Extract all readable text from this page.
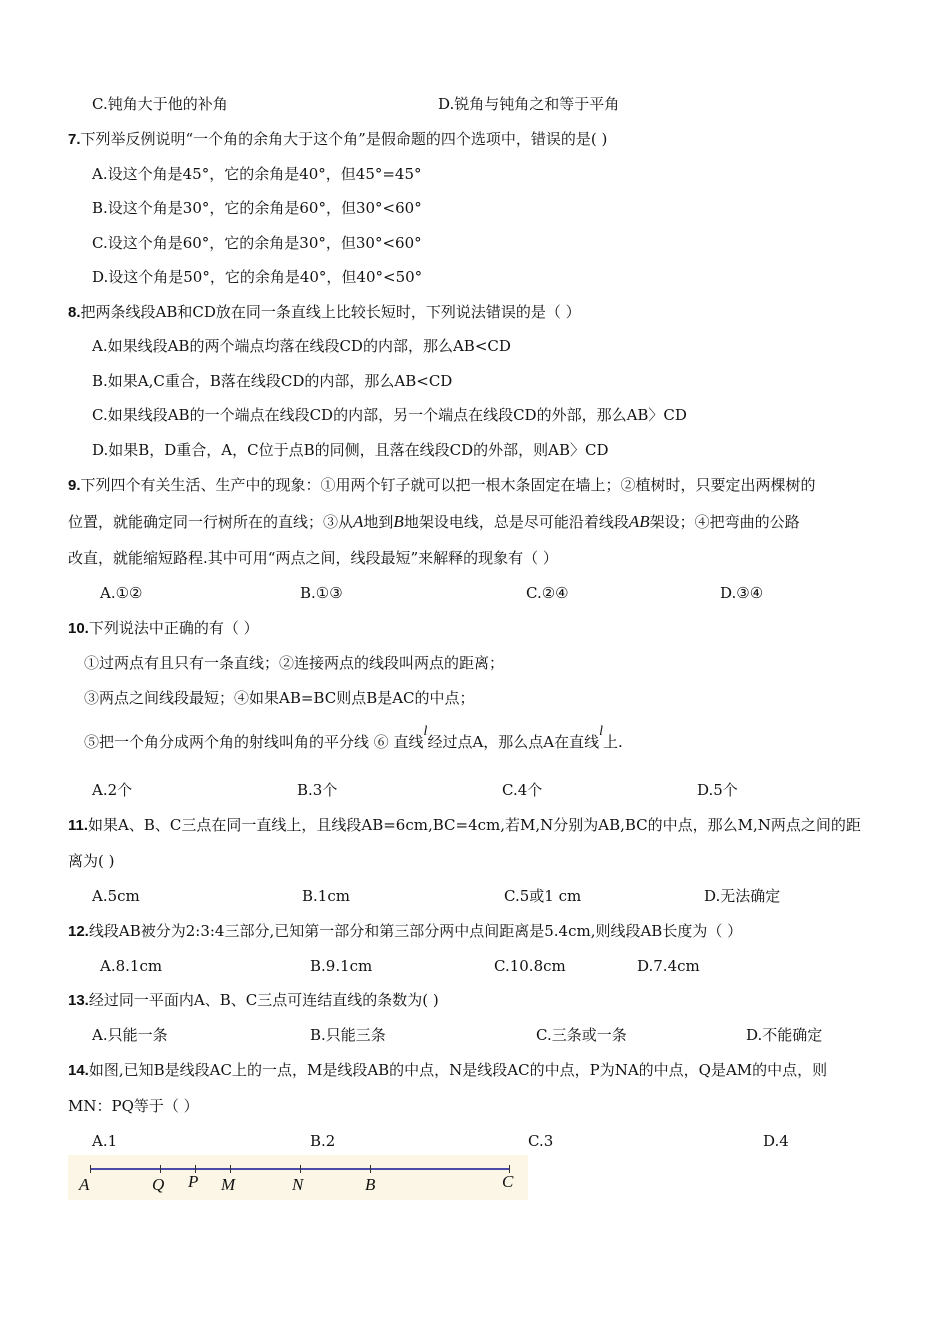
C.钝角大于他的补角	D.锐角与钝角之和等于平角
7.下列举反例说明“一个角的余角大于这个角”是假命题的四个选项中，错误的是( )
A.设这个角是45°，它的余角是40°，但45°=45°
B.设这个角是30°，它的余角是60°，但30°<60°
C.设这个角是60°，它的余角是30°，但30°<60°
D.设这个角是50°，它的余角是40°，但40°<50°
8.把两条线段AB和CD放在同一条直线上比较长短时，下列说法错误的是（ ）
A.如果线段AB的两个端点均落在线段CD的内部，那么AB<CD
B.如果A,C重合，B落在线段CD的内部，那么AB<CD
C.如果线段AB的一个端点在线段CD的内部，另一个端点在线段CD的外部，那么AB〉CD
D.如果B，D重合，A，C位于点B的同侧，且落在线段CD的外部，则AB〉CD
9.下列四个有关生活、生产中的现象：①用两个钉子就可以把一根木条固定在墙上；②植树时，只要定出两棵树的
位置，就能确定同一行树所在的直线；③从A地到B地架设电线，总是尽可能沿着线段AB架设；④把弯曲的公路
改直，就能缩短路程.其中可用“两点之间，线段最短”来解释的现象有（ ）
A.①②	B.①③	C.②④	D.③④
10.下列说法中正确的有（ ）
①过两点有且只有一条直线；②连接两点的线段叫两点的距离；
③两点之间线段最短；④如果AB=BC则点B是AC的中点；
⑤把一个角分成两个角的射线叫角的平分线 ⑥ 直线l经过点A，那么点A在直线l上.
A.2个	B.3个	C.4个	D.5个
11.如果A、B、C三点在同一直线上，且线段AB=6cm,BC=4cm,若M,N分别为AB,BC的中点，那么M,N两点之间的距
离为( )
A.5cm	B.1cm	C.5或1 cm	D.无法确定
12.线段AB被分为2:3:4三部分,已知第一部分和第三部分两中点间距离是5.4cm,则线段AB长度为（ ）
A.8.1cm	B.9.1cm	C.10.8cm	D.7.4cm
13.经过同一平面内A、B、C三点可连结直线的条数为( )
A.只能一条	B.只能三条	C.三条或一条	D.不能确定
14.如图,已知B是线段AC上的一点，M是线段AB的中点，N是线段AC的中点，P为NA的中点，Q是AM的中点，则
MN：PQ等于（ ）
A.1	B.2	C.3	D.4
A	Q P M	N	B	C
